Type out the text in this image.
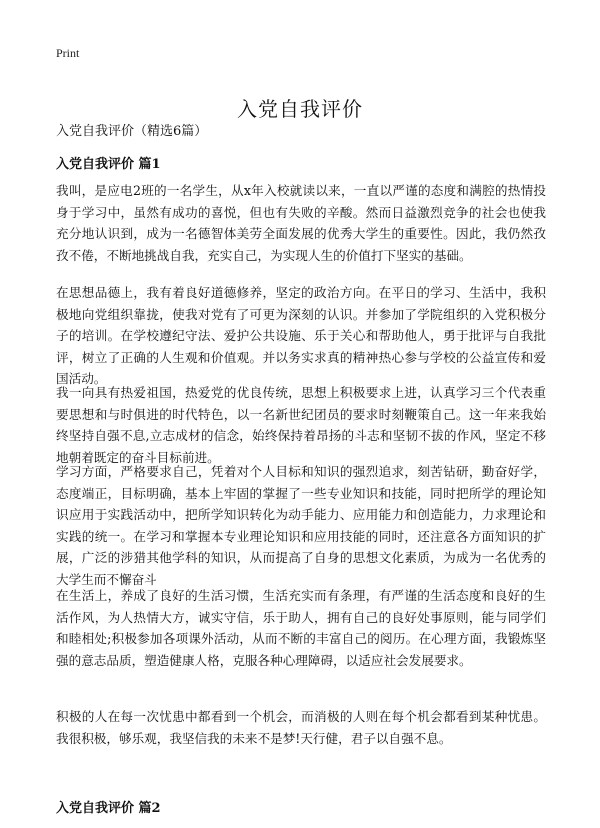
Print
入党自我评价
入党自我评价（精选6篇）
入党自我评价 篇1

我叫，是应电2班的一名学生，从x年入校就读以来，一直以严谨的态度和满腔的热情投身于学习中，虽然有成功的喜悦，但也有失败的辛酸。然而日益激烈竞争的社会也使我充分地认识到，成为一名德智体美劳全面发展的优秀大学生的重要性。因此，我仍然孜孜不倦，不断地挑战自我，充实自己，为实现人生的价值打下坚实的基础。

在思想品德上，我有着良好道德修养，坚定的政治方向。在平日的学习、生活中，我积极地向党组织靠拢，使我对党有了可更为深刻的认识。并参加了学院组织的入党积极分子的培训。在学校遵纪守法、爱护公共设施、乐于关心和帮助他人，勇于批评与自我批评，树立了正确的人生观和价值观。并以务实求真的精神热心参与学校的公益宣传和爱国活动。

我一向具有热爱祖国，热爱党的优良传统，思想上积极要求上进，认真学习三个代表重要思想和与时俱进的时代特色，以一名新世纪团员的要求时刻鞭策自己。这一年来我始终坚持自强不息,立志成材的信念，始终保持着昂扬的斗志和坚韧不拔的作风，坚定不移地朝着既定的奋斗目标前进。

学习方面，严格要求自己，凭着对个人目标和知识的强烈追求，刻苦钻研，勤奋好学，态度端正，目标明确，基本上牢固的掌握了一些专业知识和技能，同时把所学的理论知识应用于实践活动中，把所学知识转化为动手能力、应用能力和创造能力，力求理论和实践的统一。在学习和掌握本专业理论知识和应用技能的同时，还注意各方面知识的扩展，广泛的涉猎其他学科的知识，从而提高了自身的思想文化素质，为成为一名优秀的大学生而不懈奋斗

在生活上，养成了良好的生活习惯，生活充实而有条理，有严谨的生活态度和良好的生活作风，为人热情大方，诚实守信，乐于助人，拥有自己的良好处事原则，能与同学们和睦相处;积极参加各项课外活动，从而不断的丰富自己的阅历。在心理方面，我锻炼坚强的意志品质，塑造健康人格，克服各种心理障碍，以适应社会发展要求。

积极的人在每一次忧患中都看到一个机会，而消极的人则在每个机会都看到某种忧患。我很积极，够乐观，我坚信我的未来不是梦!天行健，君子以自强不息。

入党自我评价 篇2
